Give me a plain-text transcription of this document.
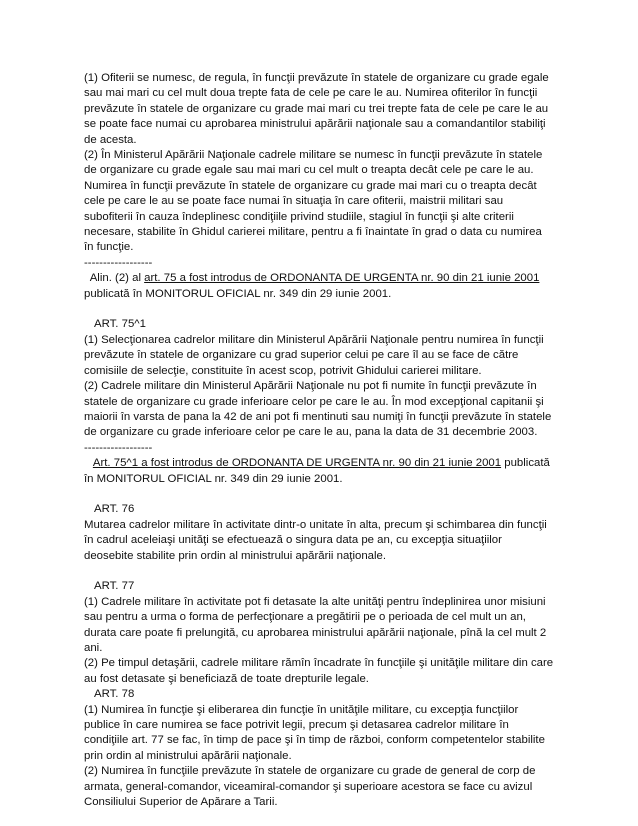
(1) Ofiterii se numesc, de regula, în funcţii prevăzute în statele de organizare cu grade egale sau mai mari cu cel mult doua trepte fata de cele pe care le au. Numirea ofiterilor în funcţii prevăzute în statele de organizare cu grade mai mari cu trei trepte fata de cele pe care le au se poate face numai cu aprobarea ministrului apărării naţionale sau a comandantilor stabiliţi de acesta.

(2) În Ministerul Apărării Naţionale cadrele militare se numesc în funcţii prevăzute în statele de organizare cu grade egale sau mai mari cu cel mult o treapta decât cele pe care le au. Numirea în funcţii prevăzute în statele de organizare cu grade mai mari cu o treapta decât cele pe care le au se poate face numai în situaţia în care ofiterii, maistrii militari sau subofiterii în cauza îndeplinesc condiţiile privind studiile, stagiul în funcţii şi alte criterii necesare, stabilite în Ghidul carierei militare, pentru a fi înaintate în grad o data cu numirea în funcţie.

------------------

Alin. (2) al art. 75 a fost introdus de ORDONANTA DE URGENTA nr. 90 din 21 iunie 2001 publicată în MONITORUL OFICIAL nr. 349 din 29 iunie 2001.

ART. 75^1

(1) Selecţionarea cadrelor militare din Ministerul Apărării Naţionale pentru numirea în funcţii prevăzute în statele de organizare cu grad superior celui pe care îl au se face de către comisiile de selecţie, constituite în acest scop, potrivit Ghidului carierei militare.

(2) Cadrele militare din Ministerul Apărării Naţionale nu pot fi numite în funcţii prevăzute în statele de organizare cu grade inferioare celor pe care le au. În mod excepţional capitanii şi maiorii în varsta de pana la 42 de ani pot fi mentinuti sau numiţi în funcţii prevăzute în statele de organizare cu grade inferioare celor pe care le au, pana la data de 31 decembrie 2003.

------------------

Art. 75^1 a fost introdus de ORDONANTA DE URGENTA nr. 90 din 21 iunie 2001 publicată în MONITORUL OFICIAL nr. 349 din 29 iunie 2001.

ART. 76

Mutarea cadrelor militare în activitate dintr-o unitate în alta, precum şi schimbarea din funcţii în cadrul aceleiaşi unităţi se efectuează o singura data pe an, cu excepţia situaţiilor deosebite stabilite prin ordin al ministrului apărării naţionale.

ART. 77

(1) Cadrele militare în activitate pot fi detasate la alte unităţi pentru îndeplinirea unor misiuni sau pentru a urma o forma de perfecţionare a pregătirii pe o perioada de cel mult un an, durata care poate fi prelungită, cu aprobarea ministrului apărării naţionale, pînă la cel mult 2 ani.

(2) Pe timpul detaşării, cadrele militare rămîn încadrate în funcţiile şi unităţile militare din care au fost detasate şi beneficiază de toate drepturile legale.

ART. 78

(1) Numirea în funcţie şi eliberarea din funcţie în unităţile militare, cu excepţia funcţiilor publice în care numirea se face potrivit legii, precum şi detasarea cadrelor militare în condiţiile art. 77 se fac, în timp de pace şi în timp de război, conform competentelor stabilite prin ordin al ministrului apărării naţionale.

(2) Numirea în funcţiile prevăzute în statele de organizare cu grade de general de corp de armata, general-comandor, viceamiral-comandor şi superioare acestora se face cu avizul Consiliului Superior de Apărare a Tarii.
